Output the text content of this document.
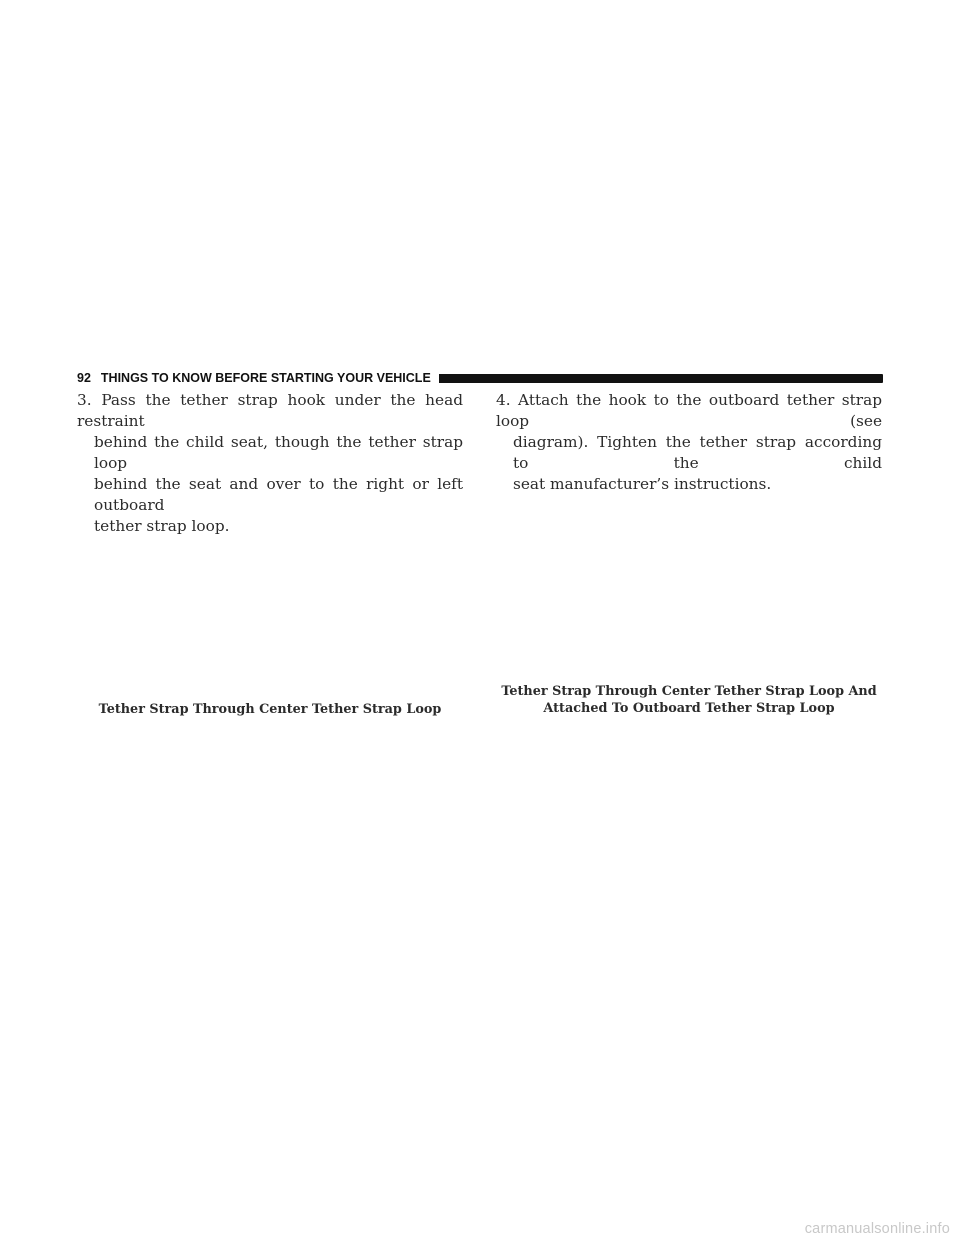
92 THINGS TO KNOW BEFORE STARTING YOUR VEHICLE
3. Pass the tether strap hook under the head restraint
behind the child seat, though the tether strap loop
behind the seat and over to the right or left outboard
tether strap loop.
4. Attach the hook to the outboard tether strap loop (see
diagram). Tighten the tether strap according to the child
seat manufacturer’s instructions.
Tether Strap Through Center Tether Strap Loop
Tether Strap Through Center Tether Strap Loop And
Attached To Outboard Tether Strap Loop
carmanualsonline.info
